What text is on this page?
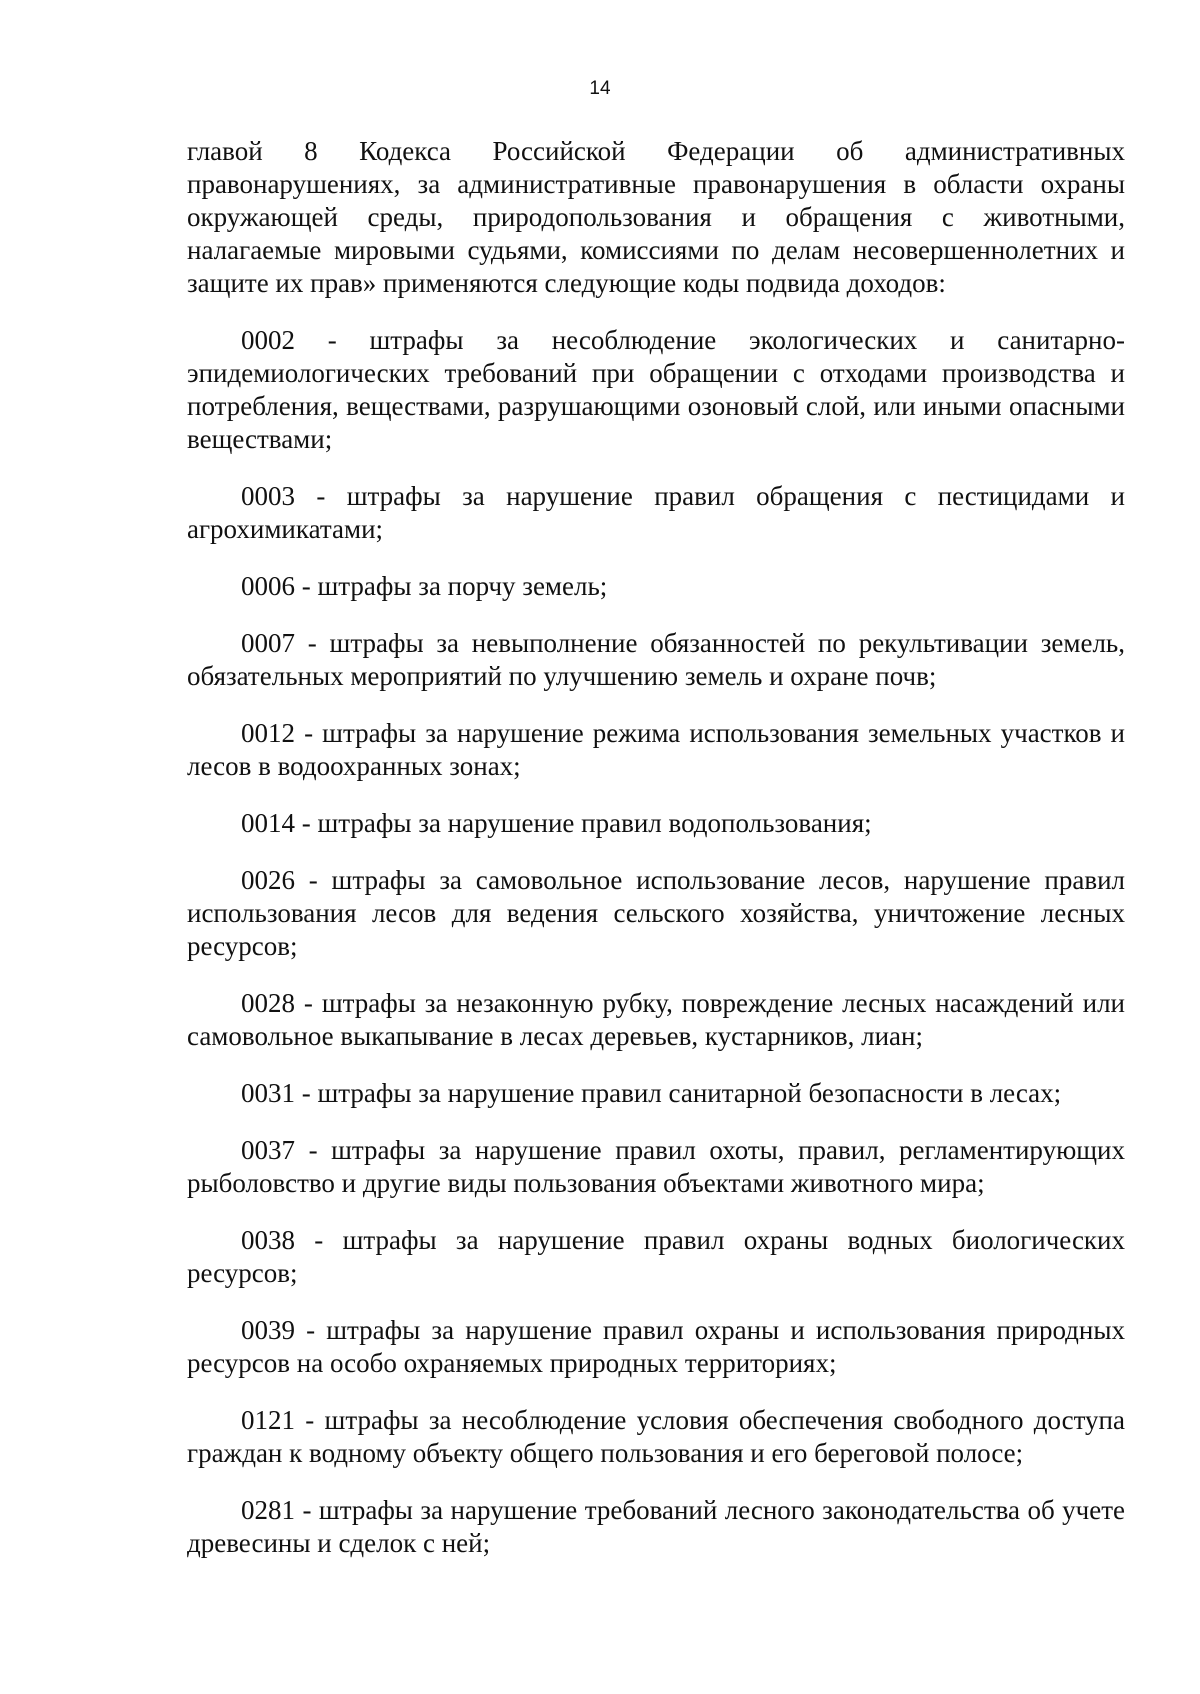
14

главой 8 Кодекса Российской Федерации об административных правонарушениях, за административные правонарушения в области охраны окружающей среды, природопользования и обращения с животными, налагаемые мировыми судьями, комиссиями по делам несовершеннолетних и защите их прав» применяются следующие коды подвида доходов:

0002 - штрафы за несоблюдение экологических и санитарно-эпидемиологических требований при обращении с отходами производства и потребления, веществами, разрушающими озоновый слой, или иными опасными веществами;

0003 - штрафы за нарушение правил обращения с пестицидами и агрохимикатами;

0006 - штрафы за порчу земель;

0007 - штрафы за невыполнение обязанностей по рекультивации земель, обязательных мероприятий по улучшению земель и охране почв;

0012 - штрафы за нарушение режима использования земельных участков и лесов в водоохранных зонах;

0014 - штрафы за нарушение правил водопользования;

0026 - штрафы за самовольное использование лесов, нарушение правил использования лесов для ведения сельского хозяйства, уничтожение лесных ресурсов;

0028 - штрафы за незаконную рубку, повреждение лесных насаждений или самовольное выкапывание в лесах деревьев, кустарников, лиан;

0031 - штрафы за нарушение правил санитарной безопасности в лесах;

0037 - штрафы за нарушение правил охоты, правил, регламентирующих рыболовство и другие виды пользования объектами животного мира;

0038 - штрафы за нарушение правил охраны водных биологических ресурсов;

0039 - штрафы за нарушение правил охраны и использования природных ресурсов на особо охраняемых природных территориях;

0121 - штрафы за несоблюдение условия обеспечения свободного доступа граждан к водному объекту общего пользования и его береговой полосе;

0281 - штрафы за нарушение требований лесного законодательства об учете древесины и сделок с ней;
